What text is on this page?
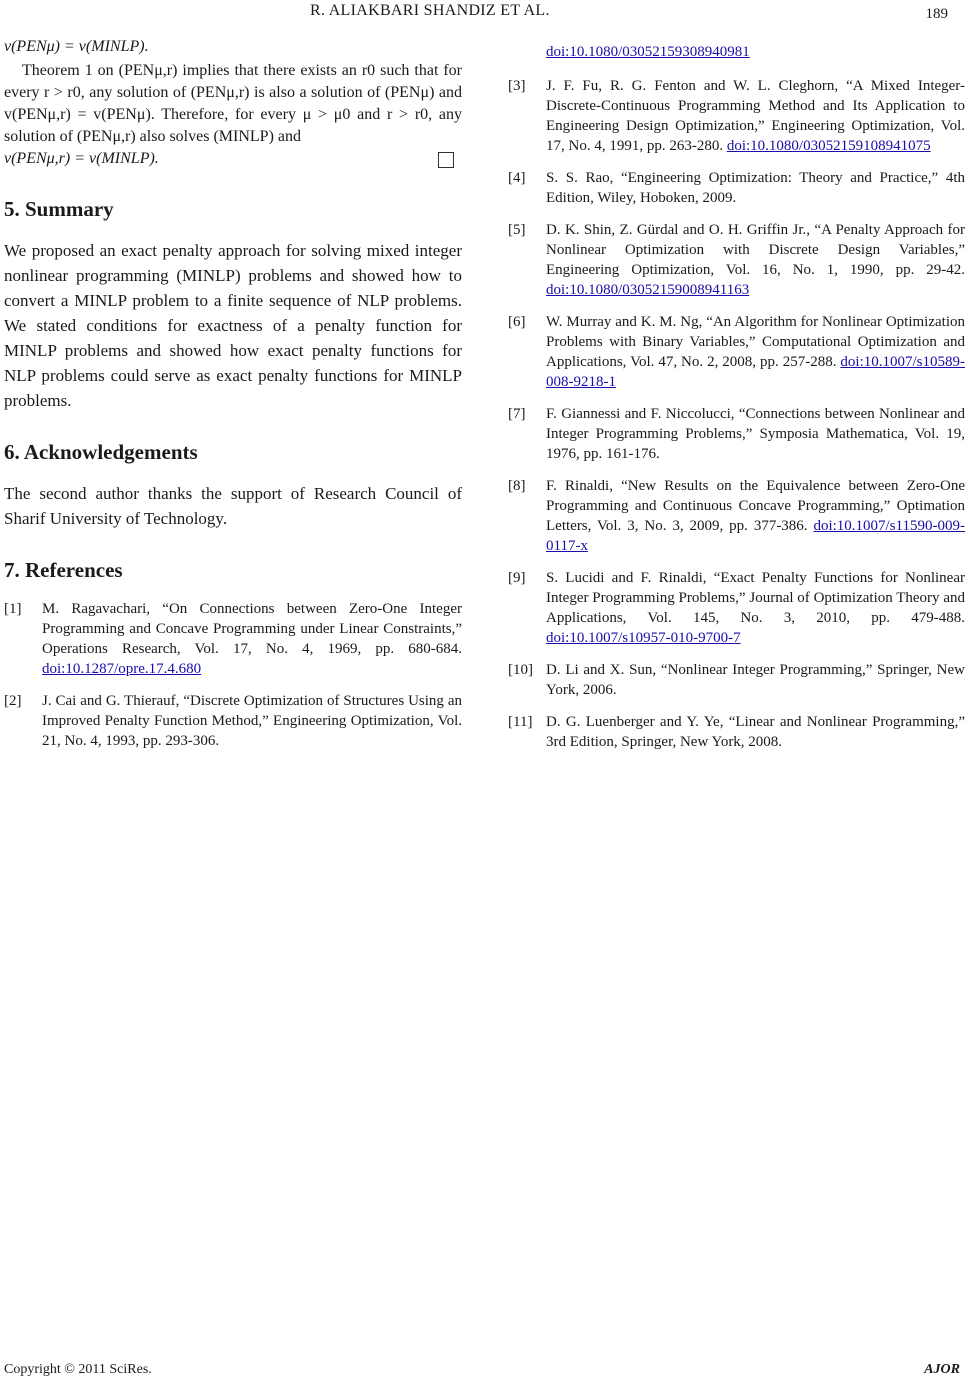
R. ALIAKBARI SHANDIZ ET AL.	189

v(PENμ) = v(MINLP).

Theorem 1 on (PENμ,r) implies that there exists an r0 such that for every r > r0, any solution of (PENμ,r) is also a solution of (PENμ) and v(PENμ,r) = v(PENμ). Therefore, for every μ > μ0 and r > r0, any solution of (PENμ,r) also solves (MINLP) and

v(PENμ,r) = v(MINLP).

5. Summary

We proposed an exact penalty approach for solving mixed integer nonlinear programming (MINLP) problems and showed how to convert a MINLP problem to a finite sequence of NLP problems. We stated conditions for exactness of a penalty function for MINLP problems and showed how exact penalty functions for NLP problems could serve as exact penalty functions for MINLP problems.

6. Acknowledgements

The second author thanks the support of Research Council of Sharif University of Technology.

7. References
[1] M. Ragavachari, “On Connections between Zero-One Integer Programming and Concave Programming under Linear Constraints,” Operations Research, Vol. 17, No. 4, 1969, pp. 680-684. doi:10.1287/opre.17.4.680
[2] J. Cai and G. Thierauf, “Discrete Optimization of Structures Using an Improved Penalty Function Method,” Engineering Optimization, Vol. 21, No. 4, 1993, pp. 293-306.
doi:10.1080/03052159308940981
[3] J. F. Fu, R. G. Fenton and W. L. Cleghorn, “A Mixed Integer-Discrete-Continuous Programming Method and Its Application to Engineering Design Optimization,” Engineering Optimization, Vol. 17, No. 4, 1991, pp. 263-280. doi:10.1080/03052159108941075
[4] S. S. Rao, “Engineering Optimization: Theory and Practice,” 4th Edition, Wiley, Hoboken, 2009.
[5] D. K. Shin, Z. Gürdal and O. H. Griffin Jr., “A Penalty Approach for Nonlinear Optimization with Discrete Design Variables,” Engineering Optimization, Vol. 16, No. 1, 1990, pp. 29-42. doi:10.1080/03052159008941163
[6] W. Murray and K. M. Ng, “An Algorithm for Nonlinear Optimization Problems with Binary Variables,” Computational Optimization and Applications, Vol. 47, No. 2, 2008, pp. 257-288. doi:10.1007/s10589-008-9218-1
[7] F. Giannessi and F. Niccolucci, “Connections between Nonlinear and Integer Programming Problems,” Symposia Mathematica, Vol. 19, 1976, pp. 161-176.
[8] F. Rinaldi, “New Results on the Equivalence between Zero-One Programming and Continuous Concave Programming,” Optimation Letters, Vol. 3, No. 3, 2009, pp. 377-386. doi:10.1007/s11590-009-0117-x
[9] S. Lucidi and F. Rinaldi, “Exact Penalty Functions for Nonlinear Integer Programming Problems,” Journal of Optimization Theory and Applications, Vol. 145, No. 3, 2010, pp. 479-488. doi:10.1007/s10957-010-9700-7
[10] D. Li and X. Sun, “Nonlinear Integer Programming,” Springer, New York, 2006.
[11] D. G. Luenberger and Y. Ye, “Linear and Nonlinear Programming,” 3rd Edition, Springer, New York, 2008.
Copyright © 2011 SciRes.	AJOR
